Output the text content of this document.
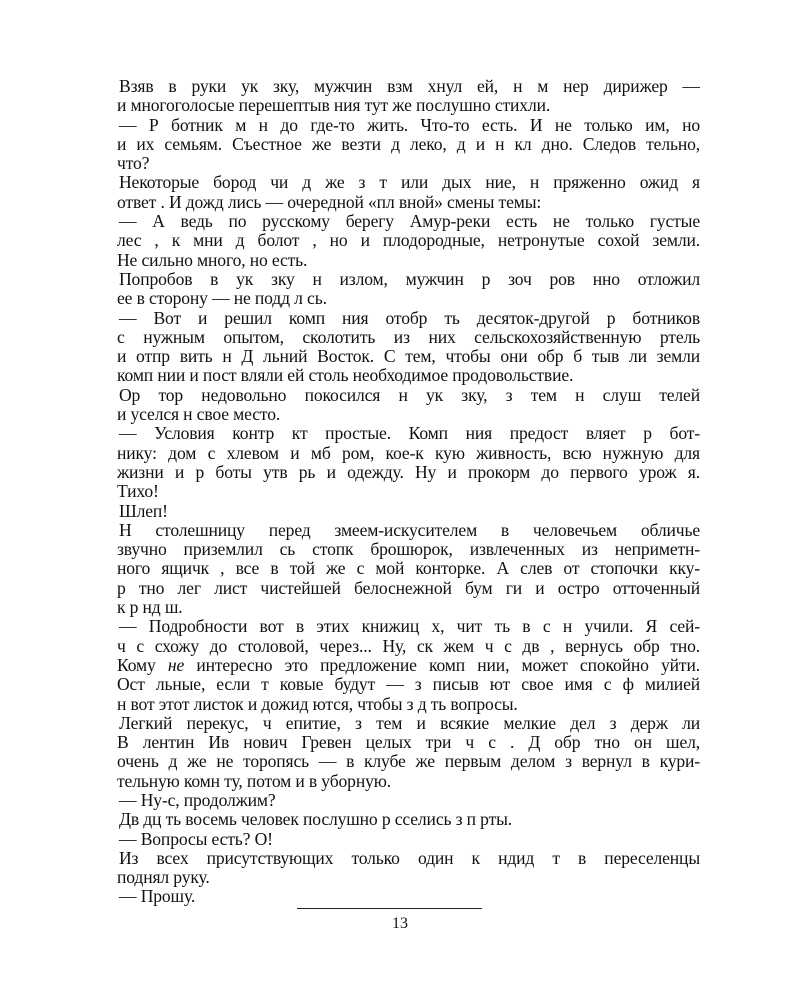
Взяв в руки ук зку, мужчин взм хнул ей, н м нер дирижер —
и многоголосые перешептыв ния тут же послушно стихли.
— Р ботник м н до где-то жить. Что-то есть. И не только им, но
и их семьям. Съестное же везти д леко, д и н кл дно. Следов тельно,
что?
Некоторые бород чи д же з т или дых ние, н пряженно ожид я
ответ . И дожд лись — очередной «пл вной» смены темы:
— А ведь по русскому берегу Амур-реки есть не только густые
лес , к мни д болот , но и плодородные, нетронутые сохой земли.
Не сильно много, но есть.
Попробов в ук зку н излом, мужчин р зоч ров нно отложил
ее в сторону — не подд л сь.
— Вот и решил комп ния отобр ть десяток-другой р ботников
с нужным опытом, сколотить из них сельскохозяйственную ртель
и отпр вить н Д льний Восток. С тем, чтобы они обр б тыв ли земли
комп нии и пост вляли ей столь необходимое продовольствие.
Ор тор недовольно покосился н ук зку, з тем н слуш телей
и уселся н свое место.
— Условия контр кт простые. Комп ния предост вляет р бот-
нику: дом с хлевом и мб ром, кое-к кую живность, всю нужную для
жизни и р боты утв рь и одежду. Ну и прокорм до первого урож я.
Тихо!
Шлеп!
Н столешницу перед змеем-искусителем в человечьем обличье
звучно приземлил сь стопк брошюрок, извлеченных из неприметн-
ного ящичк , все в той же с мой конторке. А слев от стопочки кку-
р тно лег лист чистейшей белоснежной бум ги и остро отточенный
к р нд ш.
— Подробности вот в этих книжиц х, чит ть в с н учили. Я сей-
ч с схожу до столовой, через... Ну, ск жем ч с дв , вернусь обр тно.
Кому не интересно это предложение комп нии, может спокойно уйти.
Ост льные, если т ковые будут — з писыв ют свое имя с ф милией
н вот этот листок и дожид ются, чтобы з д ть вопросы.
Легкий перекус, ч епитие, з тем и всякие мелкие дел з держ ли
В лентин Ив нович Гревен целых три ч с . Д обр тно он шел,
очень д же не торопясь — в клубе же первым делом з вернул в кури-
тельную комн ту, потом и в уборную.
— Ну-с, продолжим?
Дв дц ть восемь человек послушно р сселись з п рты.
— Вопросы есть? О!
Из всех присутствующих только один к ндид т в переселенцы
поднял руку.
— Прошу.
13
